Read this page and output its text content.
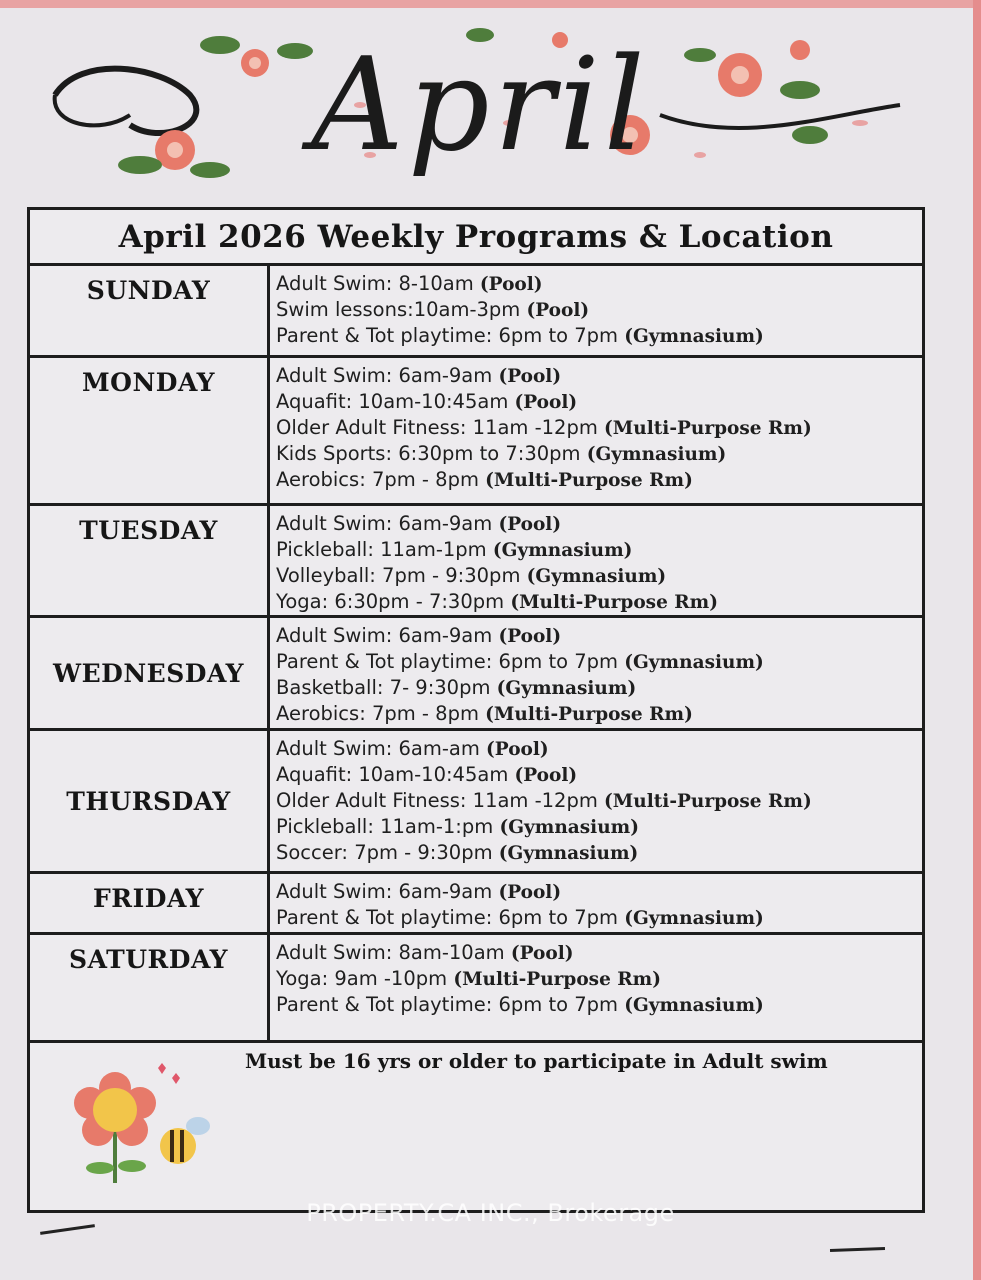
April
April 2026 Weekly Programs & Location
SUNDAY	Adult Swim: 8-10am (Pool)
Swim lessons:10am-3pm (Pool)
Parent & Tot playtime: 6pm to 7pm (Gymnasium)
MONDAY	Adult Swim: 6am-9am (Pool)
Aquafit: 10am-10:45am (Pool)
Older Adult Fitness: 11am -12pm (Multi-Purpose Rm)
Kids Sports: 6:30pm to 7:30pm (Gymnasium)
Aerobics: 7pm - 8pm (Multi-Purpose Rm)
TUESDAY	Adult Swim: 6am-9am (Pool)
Pickleball: 11am-1pm (Gymnasium)
Volleyball: 7pm - 9:30pm (Gymnasium)
Yoga: 6:30pm - 7:30pm (Multi-Purpose Rm)
WEDNESDAY
Adult Swim: 6am-9am (Pool)
Parent & Tot playtime: 6pm to 7pm (Gymnasium)
Basketball: 7- 9:30pm (Gymnasium)
Aerobics: 7pm - 8pm (Multi-Purpose Rm)
THURSDAY
Adult Swim: 6am-am (Pool)
Aquafit: 10am-10:45am (Pool)
Older Adult Fitness: 11am -12pm (Multi-Purpose Rm)
Pickleball: 11am-1:pm (Gymnasium)
Soccer: 7pm - 9:30pm (Gymnasium)
FRIDAY	Adult Swim: 6am-9am (Pool)
Parent & Tot playtime: 6pm to 7pm (Gymnasium)
SATURDAY	Adult Swim: 8am-10am (Pool)
Yoga: 9am -10pm (Multi-Purpose Rm)
Parent & Tot playtime: 6pm to 7pm (Gymnasium)
Must be 16 yrs or older to participate in Adult swim
PROPERTY.CA INC., Brokerage
